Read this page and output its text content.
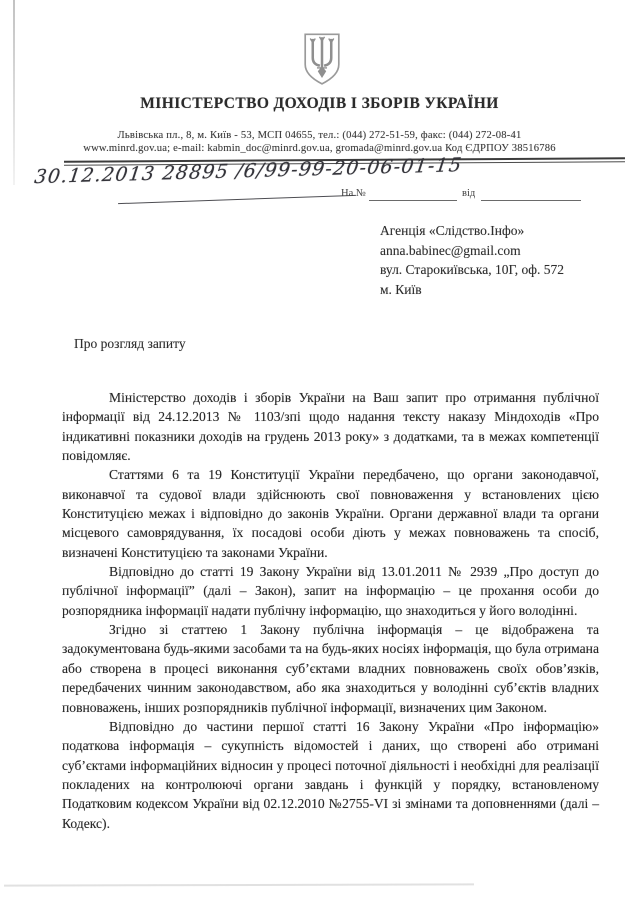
МІНІСТЕРСТВО ДОХОДІВ І ЗБОРІВ УКРАЇНИ
Львівська пл., 8, м. Київ - 53, МСП 04655, тел.: (044) 272-51-59, факс: (044) 272-08-41
www.minrd.gov.ua; e-mail: kabmin_doc@minrd.gov.ua, gromada@minrd.gov.ua Код ЄДРПОУ 38516786
30.12.2013 28895 /6/99-99-20-06-01-15
На №	від
Агенція «Слідство.Інфо»
anna.babinec@gmail.com
вул. Старокиївська, 10Г, оф. 572
м. Київ
Про розгляд запиту

Міністерство доходів і зборів України на Ваш запит про отримання публічної інформації від 24.12.2013 № 1103/зпі щодо надання тексту наказу Міндоходів «Про індикативні показники доходів на грудень 2013 року» з додатками, та в межах компетенції повідомляє.

Статтями 6 та 19 Конституції України передбачено, що органи законодавчої, виконавчої та судової влади здійснюють свої повноваження у встановлених цією Конституцією межах і відповідно до законів України. Органи державної влади та органи місцевого самоврядування, їх посадові особи діють у межах повноважень та спосіб, визначені Конституцією та законами України.

Відповідно до статті 19 Закону України від 13.01.2011 № 2939 „Про доступ до публічної інформації” (далі – Закон), запит на інформацію – це прохання особи до розпорядника інформації надати публічну інформацію, що знаходиться у його володінні.

Згідно зі статтею 1 Закону публічна інформація – це відображена та задокументована будь-якими засобами та на будь-яких носіях інформація, що була отримана або створена в процесі виконання суб’єктами владних повноважень своїх обов’язків, передбачених чинним законодавством, або яка знаходиться у володінні суб’єктів владних повноважень, інших розпорядників публічної інформації, визначених цим Законом.

Відповідно до частини першої статті 16 Закону України «Про інформацію» податкова інформація – сукупність відомостей і даних, що створені або отримані суб’єктами інформаційних відносин у процесі поточної діяльності і необхідні для реалізації покладених на контролюючі органи завдань і функцій у порядку, встановленому Податковим кодексом України від 02.12.2010 №2755-VI зі змінами та доповненнями (далі – Кодекс).
